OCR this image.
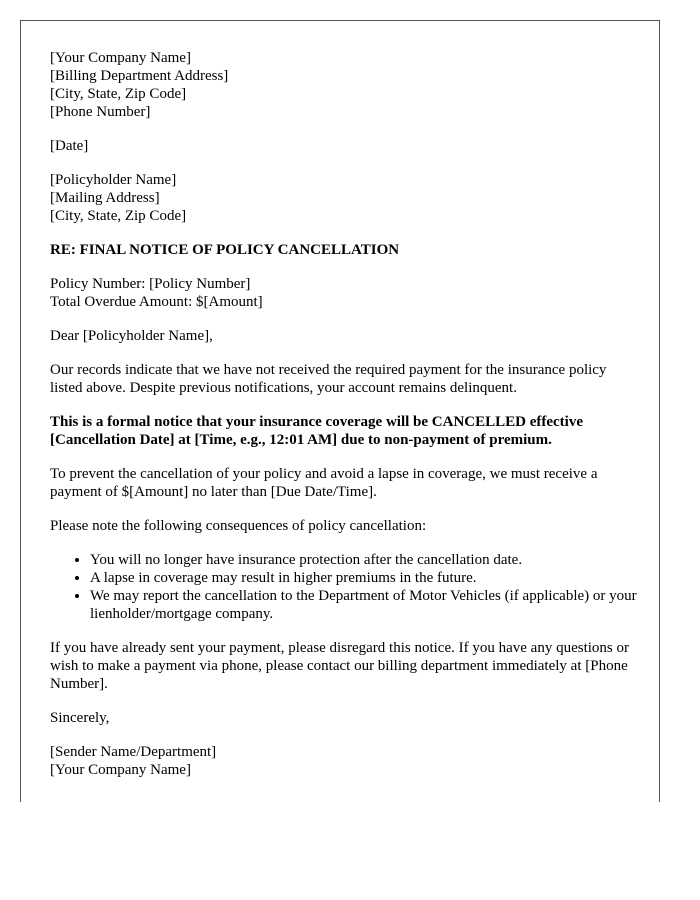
[Your Company Name]
[Billing Department Address]
[City, State, Zip Code]
[Phone Number]
[Date]
[Policyholder Name]
[Mailing Address]
[City, State, Zip Code]
RE: FINAL NOTICE OF POLICY CANCELLATION
Policy Number: [Policy Number]
Total Overdue Amount: $[Amount]
Dear [Policyholder Name],
Our records indicate that we have not received the required payment for the insurance policy listed above. Despite previous notifications, your account remains delinquent.
This is a formal notice that your insurance coverage will be CANCELLED effective [Cancellation Date] at [Time, e.g., 12:01 AM] due to non-payment of premium.
To prevent the cancellation of your policy and avoid a lapse in coverage, we must receive a payment of $[Amount] no later than [Due Date/Time].
Please note the following consequences of policy cancellation:
• You will no longer have insurance protection after the cancellation date.
• A lapse in coverage may result in higher premiums in the future.
• We may report the cancellation to the Department of Motor Vehicles (if applicable) or your lienholder/mortgage company.
If you have already sent your payment, please disregard this notice. If you have any questions or wish to make a payment via phone, please contact our billing department immediately at [Phone Number].
Sincerely,
[Sender Name/Department]
[Your Company Name]
